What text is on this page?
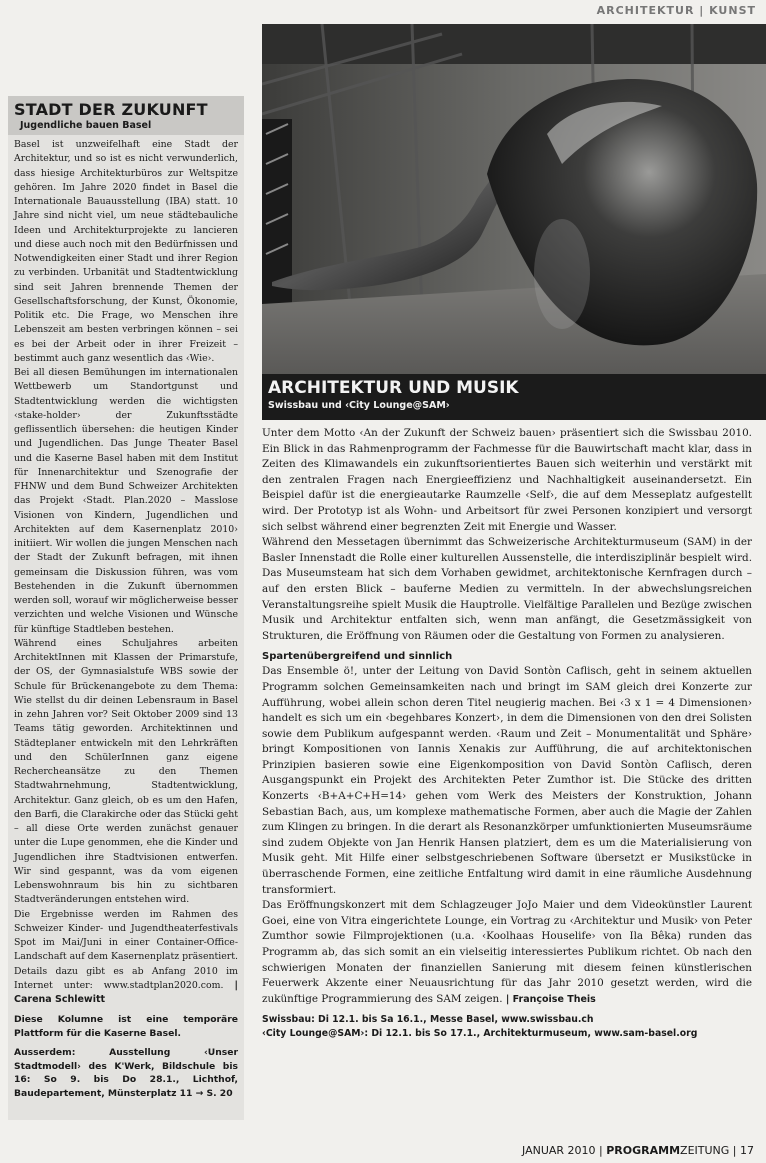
ARCHITEKTUR | KUNST
STADT DER ZUKUNFT
Jugendliche bauen Basel

Basel ist unzweifelhaft eine Stadt der Architektur, und so ist es nicht verwunderlich, dass hiesige Architekturbüros zur Weltspitze gehören. Im Jahre 2020 findet in Basel die Internationale Bauausstellung (IBA) statt. 10 Jahre sind nicht viel, um neue städtebauliche Ideen und Architekturprojekte zu lancieren und diese auch noch mit den Bedürfnissen und Notwendigkeiten einer Stadt und ihrer Region zu verbinden. Urbanität und Stadtentwicklung sind seit Jahren brennende Themen der Gesellschaftsforschung, der Kunst, Ökonomie, Politik etc. Die Frage, wo Menschen ihre Lebenszeit am besten verbringen können – sei es bei der Arbeit oder in ihrer Freizeit – bestimmt auch ganz wesentlich das ‹Wie›.

Bei all diesen Bemühungen im internationalen Wettbewerb um Standortgunst und Stadtentwicklung werden die wichtigsten ‹stake-holder› der Zukunftsstädte geflissentlich übersehen: die heutigen Kinder und Jugendlichen. Das Junge Theater Basel und die Kaserne Basel haben mit dem Institut für Innenarchitektur und Szenografie der FHNW und dem Bund Schweizer Architekten das Projekt ‹Stadt. Plan.2020 – Masslose Visionen von Kindern, Jugendlichen und Architekten auf dem Kasernenplatz 2010› initiiert. Wir wollen die jungen Menschen nach der Stadt der Zukunft befragen, mit ihnen gemeinsam die Diskussion führen, was vom Bestehenden in die Zukunft übernommen werden soll, worauf wir möglicherweise besser verzichten und welche Visionen und Wünsche für künftige Stadtleben bestehen.

Während eines Schuljahres arbeiten ArchitektInnen mit Klassen der Primarstufe, der OS, der Gymnasialstufe WBS sowie der Schule für Brückenangebote zu dem Thema: Wie stellst du dir deinen Lebensraum in Basel in zehn Jahren vor? Seit Oktober 2009 sind 13 Teams tätig geworden. Architektinnen und Städteplaner entwickeln mit den Lehrkräften und den SchülerInnen ganz eigene Rechercheansätze zu den Themen Stadtwahrnehmung, Stadtentwicklung, Architektur. Ganz gleich, ob es um den Hafen, den Barfi, die Clarakirche oder das Stücki geht – all diese Orte werden zunächst genauer unter die Lupe genommen, ehe die Kinder und Jugendlichen ihre Stadtvisionen entwerfen. Wir sind gespannt, was da vom eigenen Lebenswohnraum bis hin zu sichtbaren Stadtveränderungen entstehen wird.

Die Ergebnisse werden im Rahmen des Schweizer Kinder- und Jugendtheaterfestivals Spot im Mai/Juni in einer Container-Office-Landschaft auf dem Kasernenplatz präsentiert. Details dazu gibt es ab Anfang 2010 im Internet unter: www.stadtplan2020.com. | Carena Schlewitt

Diese Kolumne ist eine temporäre Plattform für die Kaserne Basel.
Ausserdem: Ausstellung ‹Unser Stadtmodell› des K'Werk, Bildschule bis 16: So 9. bis Do 28.1., Lichthof, Baudepartement, Münsterplatz 11 → S. 20
ARCHITEKTUR UND MUSIK
Swissbau und ‹City Lounge@SAM›

Unter dem Motto ‹An der Zukunft der Schweiz bauen› präsentiert sich die Swissbau 2010. Ein Blick in das Rahmenprogramm der Fachmesse für die Bauwirtschaft macht klar, dass in Zeiten des Klimawandels ein zukunftsorientiertes Bauen sich weiterhin und verstärkt mit den zentralen Fragen nach Energieeffizienz und Nachhaltigkeit auseinandersetzt. Ein Beispiel dafür ist die energieautarke Raumzelle ‹Self›, die auf dem Messeplatz aufgestellt wird. Der Prototyp ist als Wohn- und Arbeitsort für zwei Personen konzipiert und versorgt sich selbst während einer begrenzten Zeit mit Energie und Wasser.

Während den Messetagen übernimmt das Schweizerische Architekturmuseum (SAM) in der Basler Innenstadt die Rolle einer kulturellen Aussenstelle, die interdisziplinär bespielt wird. Das Museumsteam hat sich dem Vorhaben gewidmet, architektonische Kernfragen durch – auf den ersten Blick – bauferne Medien zu vermitteln. In der abwechslungsreichen Veranstaltungsreihe spielt Musik die Hauptrolle. Vielfältige Parallelen und Bezüge zwischen Musik und Architektur entfalten sich, wenn man anfängt, die Gesetzmässigkeit von Strukturen, die Eröffnung von Räumen oder die Gestaltung von Formen zu analysieren.

Spartenübergreifend und sinnlich

Das Ensemble ö!, unter der Leitung von David Sontòn Caflisch, geht in seinem aktuellen Programm solchen Gemeinsamkeiten nach und bringt im SAM gleich drei Konzerte zur Aufführung, wobei allein schon deren Titel neugierig machen. Bei ‹3 x 1 = 4 Dimensionen› handelt es sich um ein ‹begehbares Konzert›, in dem die Dimensionen von den drei Solisten sowie dem Publikum aufgespannt werden. ‹Raum und Zeit – Monumentalität und Sphäre› bringt Kompositionen von Iannis Xenakis zur Aufführung, die auf architektonischen Prinzipien basieren sowie eine Eigenkomposition von David Sontòn Caflisch, deren Ausgangspunkt ein Projekt des Architekten Peter Zumthor ist. Die Stücke des dritten Konzerts ‹B+A+C+H=14› gehen vom Werk des Meisters der Konstruktion, Johann Sebastian Bach, aus, um komplexe mathematische Formen, aber auch die Magie der Zahlen zum Klingen zu bringen. In die derart als Resonanzkörper umfunktionierten Museumsräume sind zudem Objekte von Jan Henrik Hansen platziert, dem es um die Materialisierung von Musik geht. Mit Hilfe einer selbstgeschriebenen Software übersetzt er Musikstücke in überraschende Formen, eine zeitliche Entfaltung wird damit in eine räumliche Ausdehnung transformiert.

Das Eröffnungskonzert mit dem Schlagzeuger JoJo Maier und dem Videokünstler Laurent Goei, eine von Vitra eingerichtete Lounge, ein Vortrag zu ‹Architektur und Musik› von Peter Zumthor sowie Filmprojektionen (u.a. ‹Koolhaas Houselife› von Ila Bêka) runden das Programm ab, das sich somit an ein vielseitig interessiertes Publikum richtet. Ob nach den schwierigen Monaten der finanziellen Sanierung mit diesem feinen künstlerischen Feuerwerk Akzente einer Neuausrichtung für das Jahr 2010 gesetzt werden, wird die zukünftige Programmierung des SAM zeigen. | Françoise Theis

Swissbau: Di 12.1. bis Sa 16.1., Messe Basel, www.swissbau.ch
‹City Lounge@SAM›: Di 12.1. bis So 17.1., Architekturmuseum, www.sam-basel.org
JANUAR 2010 | PROGRAMMZEITUNG | 17
